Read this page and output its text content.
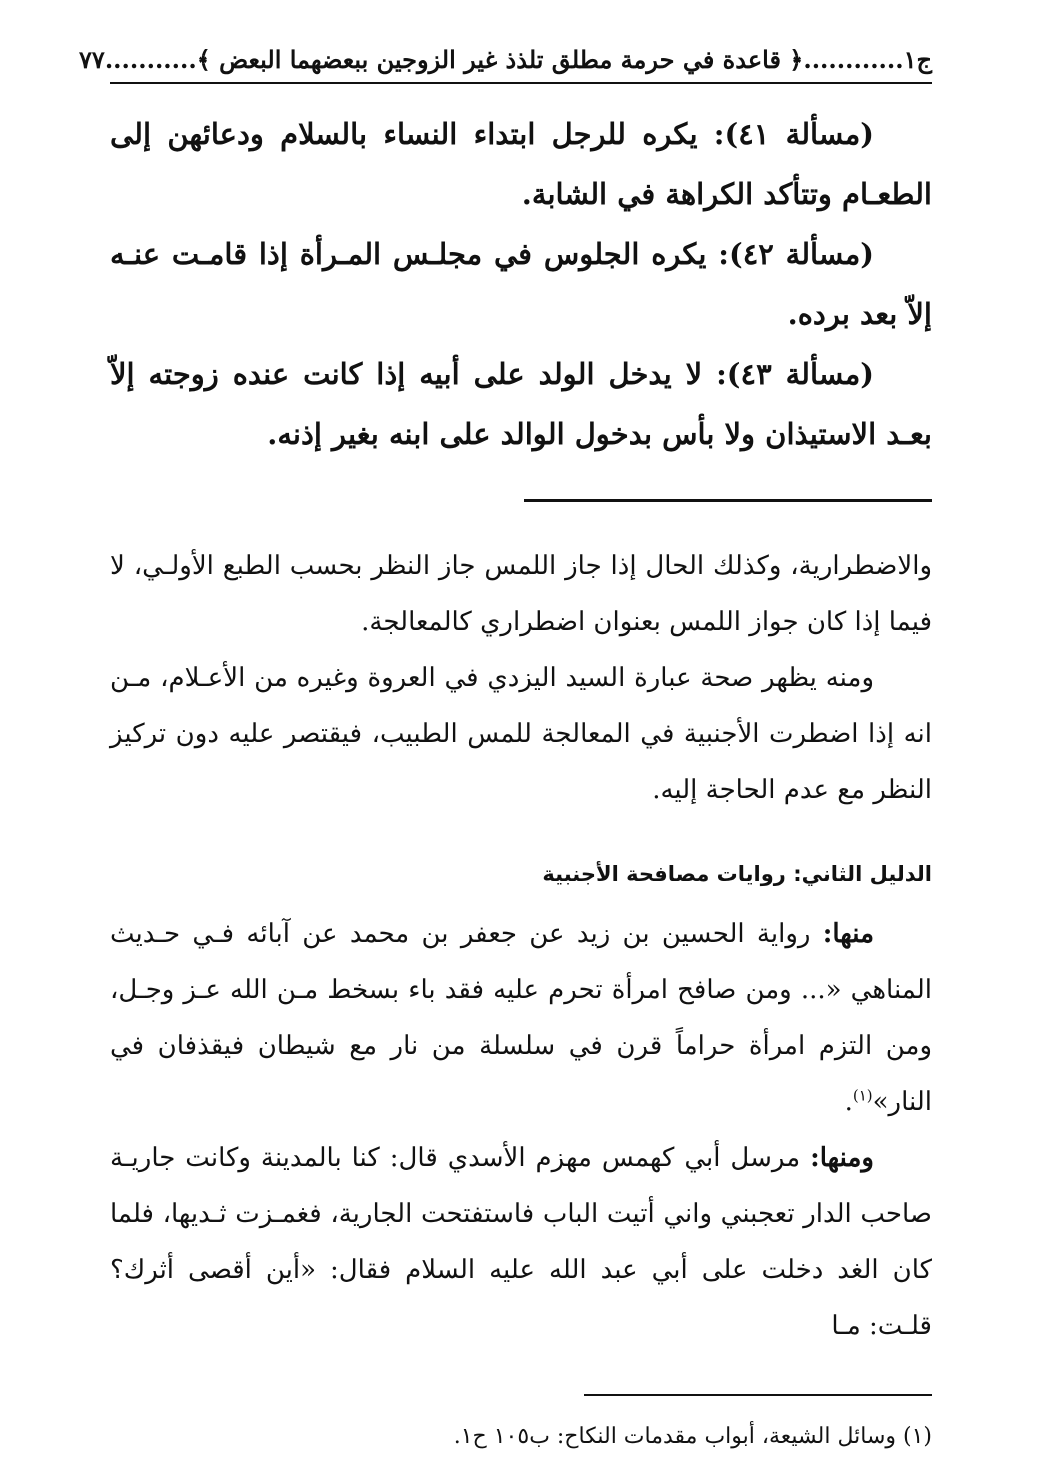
ج١
............
﴿ قاعدة في حرمة مطلق تلذذ غير الزوجين ببعضهما البعض ﴾
...........
٧٧

(مسألة ٤١): يكره للرجل ابتداء النساء بالسلام ودعائهن إلى الطعـام وتتأكد الكراهة في الشابة.

(مسألة ٤٢): يكره الجلوس في مجلـس المـرأة إذا قامـت عنـه إلاّ بعد برده.

(مسألة ٤٣): لا يدخل الولد على أبيه إذا كانت عنده زوجته إلاّ بعـد الاستيذان ولا بأس بدخول الوالد على ابنه بغير إذنه.

والاضطرارية، وكذلك الحال إذا جاز اللمس جاز النظر بحسب الطبع الأولـي، لا فيما إذا كان جواز اللمس بعنوان اضطراري كالمعالجة.

ومنه يظهر صحة عبارة السيد اليزدي في العروة وغيره من الأعـلام، مـن انه إذا اضطرت الأجنبية في المعالجة للمس الطبيب، فيقتصر عليه دون تركيز النظر مع عدم الحاجة إليه.

الدليل الثاني: روايات مصافحة الأجنبية

منها: رواية الحسين بن زيد عن جعفر بن محمد عن آبائه فـي حـديث المناهي «... ومن صافح امرأة تحرم عليه فقد باء بسخط مـن الله عـز وجـل، ومن التزم امرأة حراماً قرن في سلسلة من نار مع شيطان فيقذفان في النار»$^{(١)}$.

ومنها: مرسل أبي كهمس مهزم الأسدي قال: كنا بالمدينة وكانت جاريـة صاحب الدار تعجبني واني أتيت الباب فاستفتحت الجارية، فغمـزت ثـديها، فلما كان الغد دخلت على أبي عبد الله عليه السلام فقال: «أين أقصى أثرك؟ قلـت: مـا

(١) وسائل الشيعة، أبواب مقدمات النكاح: ب١٠٥ ح١.
